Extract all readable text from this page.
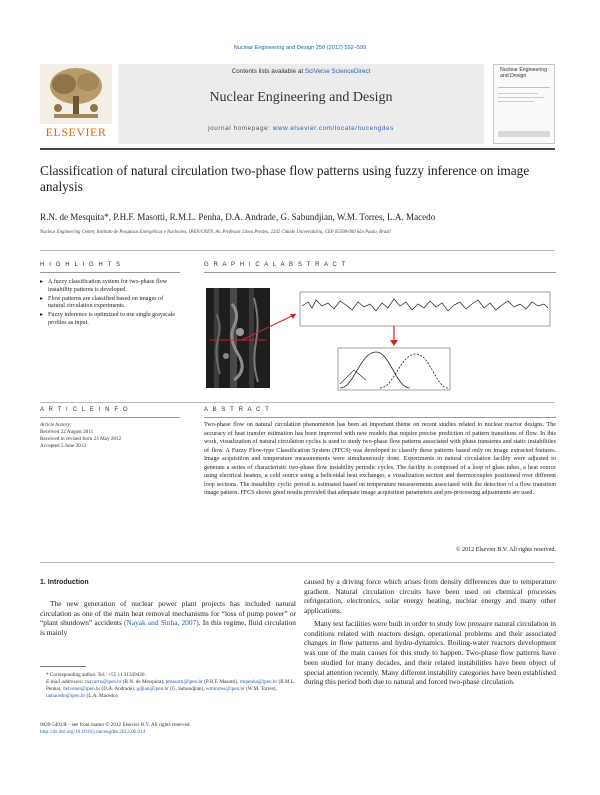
Nuclear Engineering and Design 250 (2012) 592–599
ELSEVIER
Contents lists available at SciVerse ScienceDirect
Nuclear Engineering and Design
journal homepage: www.elsevier.com/locate/nucengdes
Nuclear Engineering and Design
Classification of natural circulation two-phase flow patterns using fuzzy inference on image analysis
R.N. de Mesquita*, P.H.F. Masotti, R.M.L. Penha, D.A. Andrade, G. Sabundjian, W.M. Torres, L.A. Macedo
Nuclear Engineering Center, Instituto de Pesquisas Energéticas e Nucleares, IPEN/CNEN, Av. Professor Lineu Prestes, 2242 Cidade Universitária, CEP 05508-000 São Paulo, Brazil
H I G H L I G H T S
▸ A fuzzy classification system for two-phase flow instability patterns is developed.
▸ Flow patterns are classified based on images of natural circulation experiments.
▸ Fuzzy inference is optimized to use single grayscale profiles as input.
G R A P H I C A L A B S T R A C T
A R T I C L E I N F O
Article history:
Received 22 August 2011
Received in revised form 23 May 2012
Accepted 5 June 2012
A B S T R A C T
Two-phase flow on natural circulation phenomenon has been an important theme on recent studies related to nuclear reactor designs. The accuracy of heat transfer estimation has been improved with new models that require precise prediction of pattern transitions of flow. In this work, visualization of natural circulation cycles is used to study two-phase flow patterns associated with phase transients and static instabilities of flow. A Fuzzy Flow-type Classification System (FFCS) was developed to classify these patterns based only on image extracted features. Image acquisition and temperature measurements were simultaneously done. Experiments in natural circulation facility were adjusted to generate a series of characteristic two-phase flow instability periodic cycles. The facility is composed of a loop of glass tubes, a heat source using electrical heaters, a cold source using a helicoidal heat exchanger, a visualization section and thermocouples positioned over different loop sections. The instability cyclic period is estimated based on temperature measurements associated with the detection of a flow transition image pattern. FFCS shows good results provided that adequate image acquisition parameters and pre-processing adjustments are used.
© 2012 Elsevier B.V. All rights reserved.
1. Introduction
The new generation of nuclear power plant projects has included natural circulation as one of the main heat removal mechanisms for “loss of pump power” or “plant shutdown” accidents (Nayak and Sinha, 2007). In this regime, fluid circulation is mainly
caused by a driving force which arises from density differences due to temperature gradient. Natural circulation circuits have been used on chemical processes refrigeration, electronics, solar energy heating, nuclear energy and many other applications.
Many test facilities were built in order to study low pressure natural circulation in conditions related with reactors design, operational problems and their associated changes in flow patterns and hydro-dynamics. Boiling-water reactors development was one of the main causes for this study to happen. Two-phase flow patterns have been studied for many decades, and their related instabilities have been object of special attention recently. Many different instability categories have been established during this period both due to natural and forced two-phase circulation.
* Corresponding author. Tel.: +55 11 31339420.
E-mail addresses: rnavarro@ipen.br (R.N. de Mesquita), pmasotti@ipen.br (P.H.F. Masotti), rmpenha@ipen.br (R.M.L. Penha), delvonei@ipen.br (D.A. Andrade), gdjian@ipen.br (G. Sabundjian), wmtorres@ipen.br (W.M. Torres), lamacedo@ipen.br (L.A. Macedo).
0029-5493/$ – see front matter © 2012 Elsevier B.V. All rights reserved.
http://dx.doi.org/10.1016/j.nucengdes.2012.06.014
